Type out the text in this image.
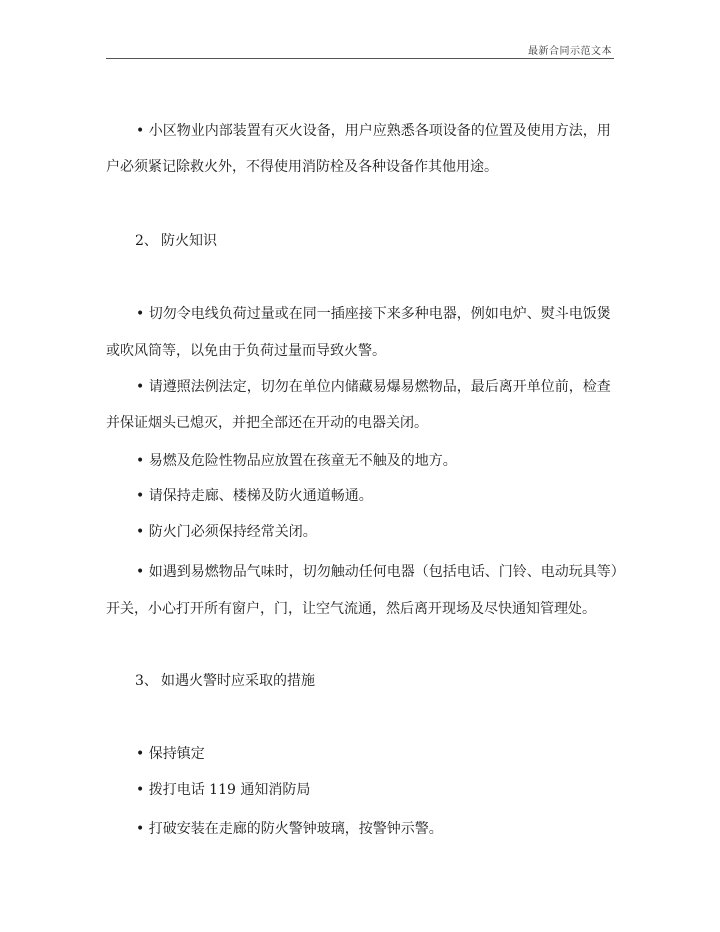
最新合同示范文本
• 小区物业内部装置有灭火设备，用户应熟悉各项设备的位置及使用方法，用
户必须紧记除救火外，不得使用消防栓及各种设备作其他用途。
2、 防火知识
• 切勿令电线负荷过量或在同一插座接下来多种电器，例如电炉、熨斗电饭煲
或吹风筒等，以免由于负荷过量而导致火警。
• 请遵照法例法定，切勿在单位内储藏易爆易燃物品，最后离开单位前，检查
并保证烟头已熄灭，并把全部还在开动的电器关闭。
• 易燃及危险性物品应放置在孩童无不触及的地方。
• 请保持走廊、楼梯及防火通道畅通。
• 防火门必须保持经常关闭。
• 如遇到易燃物品气味时，切勿触动任何电器（包括电话、门铃、电动玩具等）
开关，小心打开所有窗户，门，让空气流通，然后离开现场及尽快通知管理处。
3、 如遇火警时应采取的措施
• 保持镇定
• 拨打电话 119 通知消防局
• 打破安装在走廊的防火警钟玻璃，按警钟示警。
